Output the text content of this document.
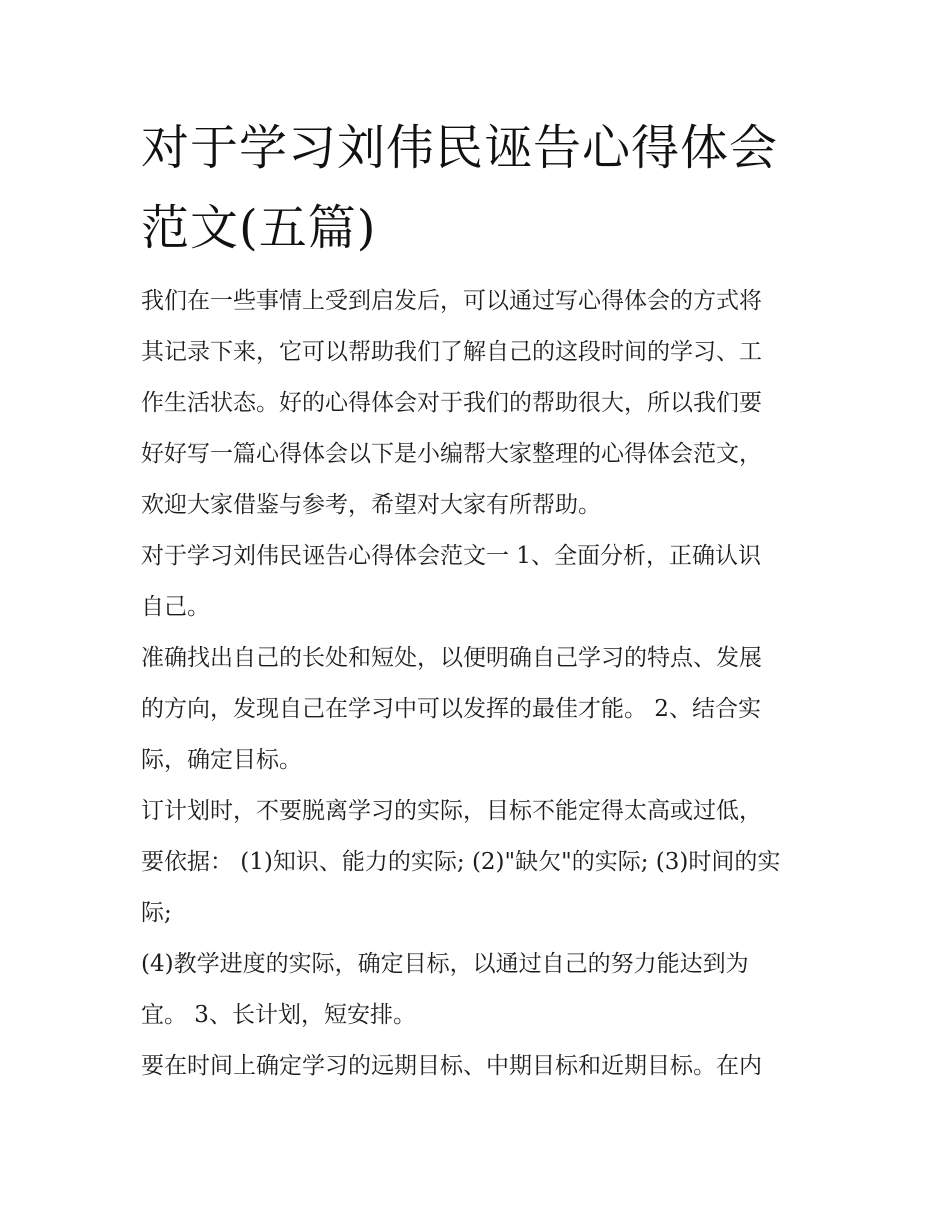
对于学习刘伟民诬告心得体会
范文(五篇)

我们在一些事情上受到启发后，可以通过写心得体会的方式将
其记录下来，它可以帮助我们了解自己的这段时间的学习、工
作生活状态。好的心得体会对于我们的帮助很大，所以我们要
好好写一篇心得体会以下是小编帮大家整理的心得体会范文，
欢迎大家借鉴与参考，希望对大家有所帮助。

对于学习刘伟民诬告心得体会范文一 1、全面分析，正确认识
自己。

准确找出自己的长处和短处，以便明确自己学习的特点、发展
的方向，发现自己在学习中可以发挥的最佳才能。 2、结合实
际，确定目标。

订计划时，不要脱离学习的实际，目标不能定得太高或过低，
要依据： (1)知识、能力的实际; (2)"缺欠"的实际; (3)时间的实
际;

(4)教学进度的实际，确定目标，以通过自己的努力能达到为
宜。 3、长计划，短安排。

要在时间上确定学习的远期目标、中期目标和近期目标。在内
